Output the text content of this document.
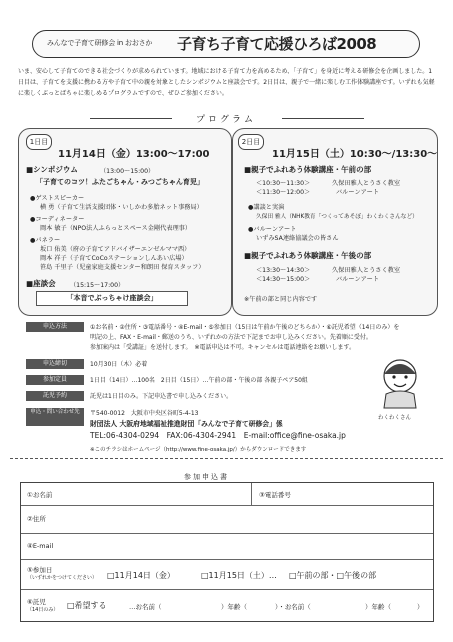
みんなで子育て研修会 in おおさか 子育ち子育て応援ひろば2008
いま、安心して子育てのできる社会づくりが求められています。地域における子育て力を高めるため、「子育て」を身近に考える研修会を企画しました。1日目は、子育てを支援に携わる方や子育て中の親を対象としたシンポジウムと座談会です。2日目は、親子で一緒に楽しむ工作体験講座です。いずれも気軽に楽しくぶっとばちゃに楽しめるプログラムですので、ぜひご参加ください。
プログラム
1日目
11月14日（金）13:00～17:00
■シンポジウム	（13:00～15:00）
「子育てのコツ！ふたごちゃん・みつごちゃん育児」
●ゲストスピーカー
横 勇（子育て生活支援団体・いしかわ多胎ネット事務局）
●コーディネーター
岡本 敏子（NPO法人ふらっとスペース金剛代表理事）
●パネラー
坂口 佑美（府の子育てアドバイザーエンゼルママ西）
岡本 祥子（子育てCoCoステーションしんあい広場）
笹島 千里子（児童家庭支援センター和朗田 保育スタッフ）
■座談会 （15:15～17:00）
「本音でぶっちゃけ座談会」
2日目
11月15日（土）10:30～/13:30～
■親子でふれあう体験講座・午前の部
＜10:30～11:30＞	久保田雅人とうさく教室
＜11:30～12:00＞	バルーンアート
●講談と実演
久保田 雅人（NHK教育「つくってあそぼ」わくわくさんなど）
●バルーンアート
いずみSA連絡協議会の皆さん
■親子でふれあう体験講座・午後の部
＜13:30～14:30＞	久保田雅人とうさく教室
＜14:30～15:00＞	バルーンアート
※午前の部と同じ内容です
申込方法	①お名前・②住所・③電話番号・④E-mail・⑤参加日（15日は午前か午後のどちらか）・⑥託児希望（14日のみ）を
明記の上、FAX・E-mail・郵送のうち、いずれかの方法で下記までお申し込みください。先着順に受付。
参加案内は「受講証」を送付します。　※電話申込は不可。キャンセルは電話連絡をお願いします。
申込締切	10月30日（木）必着
参加定員	1日目（14日）…100名　2日目（15日）…午前の部・午後の部 各親子ペア50組
託児予約	託児は1日目のみ。下記申込書で申し込みください。
申込・問い合わせ先	〒540-0012　大阪市中央区谷町5-4-13
財団法人 大阪府地域福祉推進財団「みんなで子育て研修会」係
TEL:06-4304-0294　FAX:06-4304-2941　E-mail:office@fine-osaka.jp
※このチラシはホームページ（http://www.fine-osaka.jp/）からダウンロードできます
わくわくさん
参加申込書
①お名前	③電話番号
②住所
④E-mail
⑤参加日
（いずれかをつけてください） □11月14日（金）	□11月15日（土）… □午前の部・□午後の部
⑥託児
（14日のみ） □希望する	…お名前（	）年齢（	）・お名前（	）年齢（	）
